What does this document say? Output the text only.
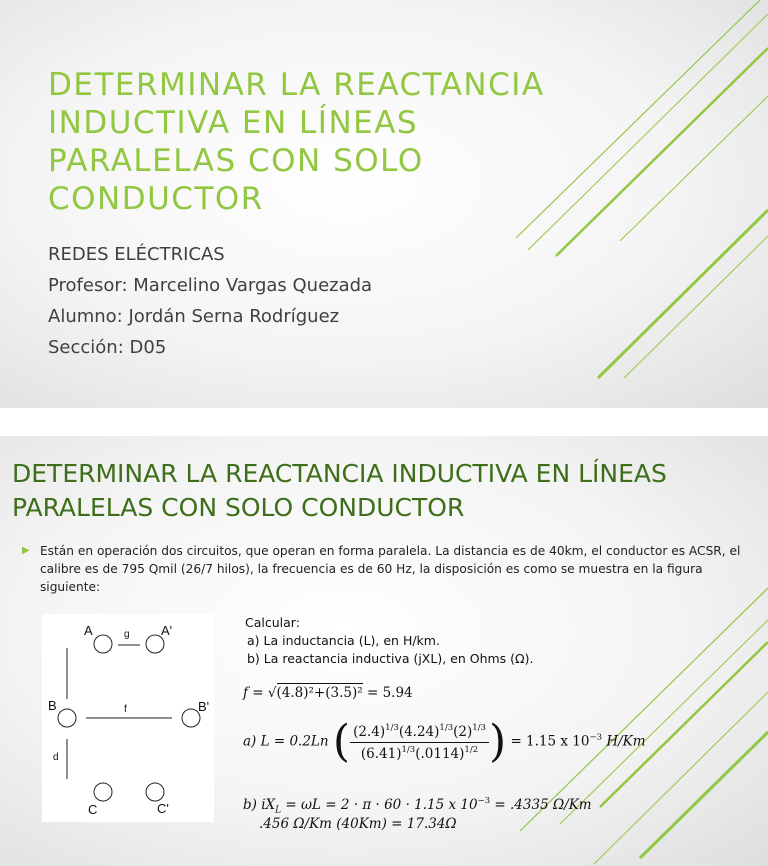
DETERMINAR LA REACTANCIA INDUCTIVA EN LÍNEAS PARALELAS CON SOLO CONDUCTOR
REDES ELÉCTRICAS
Profesor: Marcelino Vargas Quezada
Alumno: Jordán Serna Rodríguez
Sección: D05
DETERMINAR LA REACTANCIA INDUCTIVA EN LÍNEAS PARALELAS CON SOLO CONDUCTOR
▶ Están en operación dos circuitos, que operan en forma paralela. La distancia es de 40km, el conductor es ACSR, el calibre es de 795 Qmil (26/7 hilos), la frecuencia es de 60 Hz, la disposición es como se muestra en la figura siguiente:
A	A'
g
B	B'
f
d
C	C'
Calcular:
a) La inductancia (L), en H/km.
b) La reactancia inductiva (jXL), en Ohms (Ω).
f = √(4.8)²+(3.5)² = 5.94
a) L = 0.2Ln ( $\frac{(2.4)^{1/3}(4.24)^{1/3}(2)^{1/3}}{(6.41)^{1/3}(.0114)^{1/2}}$ ) = 1.15 x $10^{-3}$ H/Km
b) $iX_L = \omega L = 2 \cdot \pi \cdot 60 \cdot 1.15$ x $10^{-3} = .4335$ Ω/Km
.456 Ω/Km (40Km) = 17.34Ω
